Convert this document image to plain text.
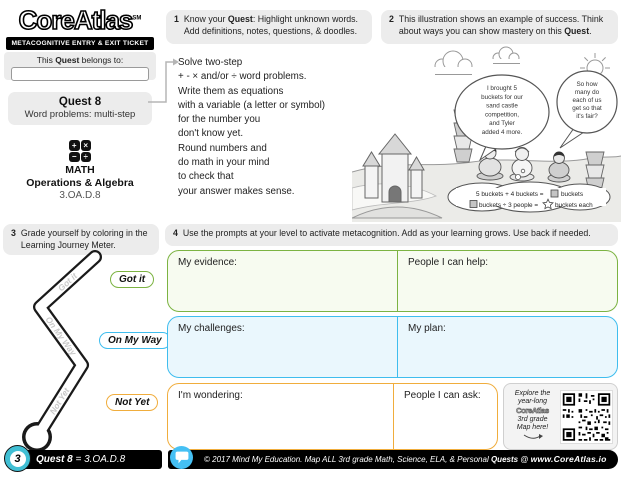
CoreAtlas℠
METACOGNITIVE ENTRY & EXIT TICKET
This Quest belongs to:
Quest 8
Word problems: multi-step
+ ×
− ÷
MATH
Operations & Algebra
3.OA.D.8
1 Know your Quest: Highlight unknown words. Add definitions, notes, questions, & doodles.
2 This illustration shows an example of success. Think about ways you can show mastery on this Quest.
3 Grade yourself by coloring in the Learning Journey Meter.
4 Use the prompts at your level to activate metacognition. Add as your learning grows. Use back if needed.
Solve two-step
+ - × and/or ÷ word problems.
Write them as equations
with a variable (a letter or symbol)
for the number you
don't know yet.
Round numbers and
do math in your mind
to check that
your answer makes sense.
I brought 5
buckets for our
sand castle
competition,
and Tyler
added 4 more.
So how
many do
each of us
get so that
it's fair?
5 buckets + 4 buckets =	buckets
buckets ÷ 3 people =	buckets each
Got it
On My Way
Not Yet
Got it
On My Way
Not Yet
My evidence:	People I can help:
My challenges:	My plan:
I'm wondering:	People I can ask:	Explore the
year-long
CoreAtlas
3rd grade
Map here!
Quest 8 = 3.OA.D.8	© 2017 Mind My Education. Map ALL 3rd grade Math, Science, ELA, & Personal Quests @ www.CoreAtlas.io
3
